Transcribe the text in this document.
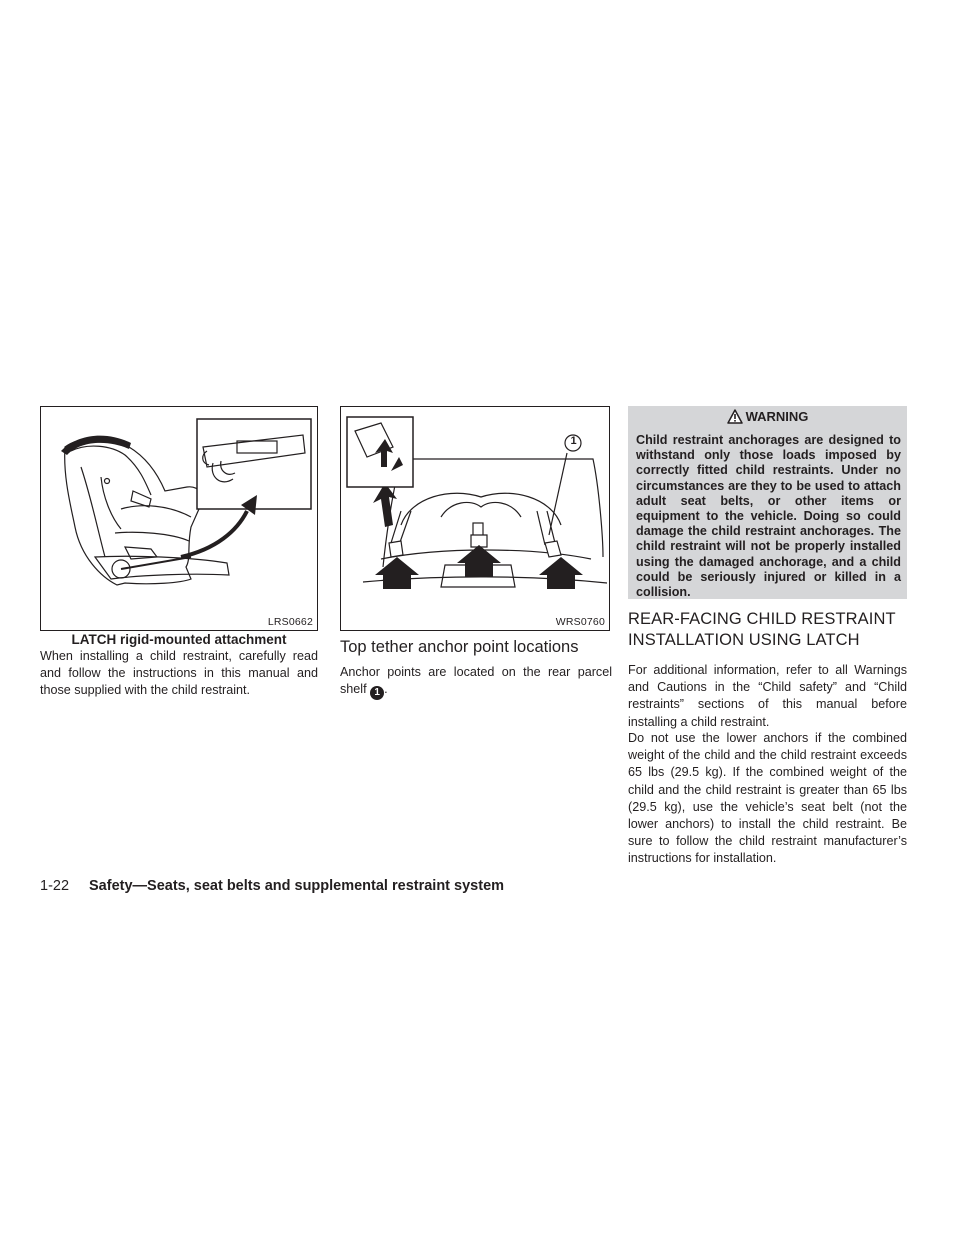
LRS0662
LATCH rigid-mounted attachment

When installing a child restraint, carefully read and follow the instructions in this manual and those supplied with the child restraint.

1
WRS0760
Top tether anchor point locations

Anchor points are located on the rear parcel shelf 1 .

WARNING

Child restraint anchorages are designed to withstand only those loads imposed by correctly fitted child restraints. Under no circumstances are they to be used to attach adult seat belts, or other items or equipment to the vehicle. Doing so could damage the child restraint anchorages. The child restraint will not be properly installed using the damaged anchorage, and a child could be seriously injured or killed in a collision.

REAR-FACING CHILD RESTRAINT
INSTALLATION USING LATCH

For additional information, refer to all Warnings and Cautions in the “Child safety” and “Child restraints” sections of this manual before installing a child restraint.

Do not use the lower anchors if the combined weight of the child and the child restraint exceeds 65 lbs (29.5 kg). If the combined weight of the child and the child restraint is greater than 65 lbs (29.5 kg), use the vehicle’s seat belt (not the lower anchors) to install the child restraint. Be sure to follow the child restraint manufacturer’s instructions for installation.

1-22 Safety—Seats, seat belts and supplemental restraint system
